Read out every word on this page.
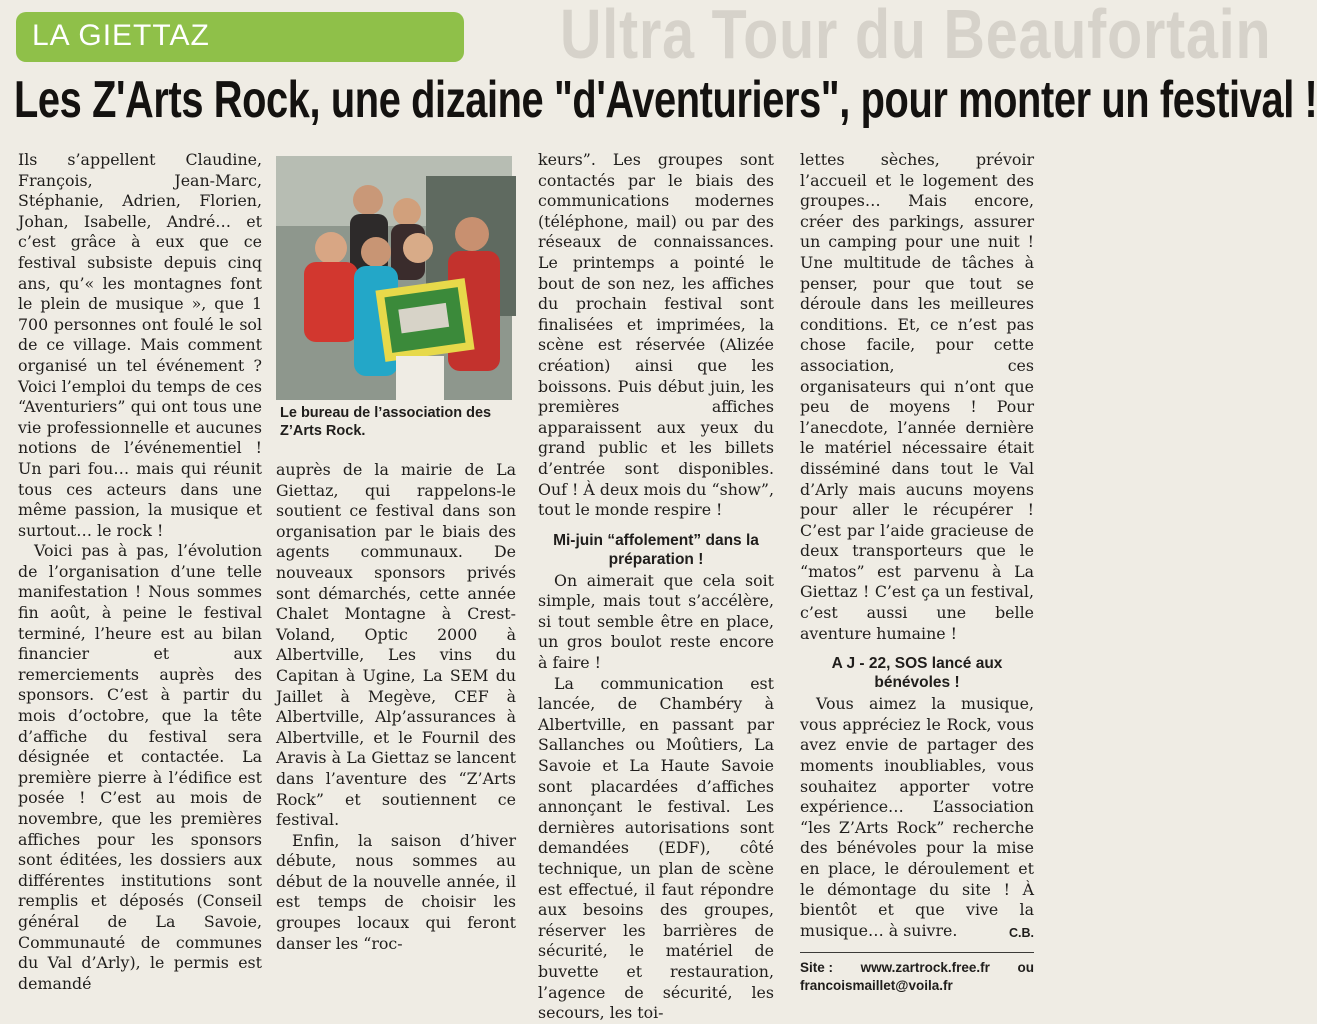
Ultra Tour du Beaufortain
LA GIETTAZ
Les Z'Arts Rock, une dizaine "d'Aventuriers", pour monter un festival !

Ils s’appellent Claudine, François, Jean-Marc, Stéphanie, Adrien, Florien, Johan, Isabelle, André… et c’est grâce à eux que ce festival subsiste depuis cinq ans, qu’« les montagnes font le plein de musique », que 1 700 personnes ont foulé le sol de ce village. Mais comment organisé un tel événement ? Voici l’emploi du temps de ces “Aventuriers” qui ont tous une vie professionnelle et aucunes notions de l’événementiel ! Un pari fou… mais qui réunit tous ces acteurs dans une même passion, la musique et surtout… le rock !

Voici pas à pas, l’évolution de l’organisation d’une telle manifestation ! Nous sommes fin août, à peine le festival terminé, l’heure est au bilan financier et aux remerciements auprès des sponsors. C’est à partir du mois d’octobre, que la tête d’affiche du festival sera désignée et contactée. La première pierre à l’édifice est posée ! C’est au mois de novembre, que les premières affiches pour les sponsors sont éditées, les dossiers aux différentes institutions sont remplis et déposés (Conseil général de La Savoie, Communauté de communes du Val d’Arly), le permis est demandé

Le bureau de l’association des Z’Arts Rock.

auprès de la mairie de La Giettaz, qui rappelons-le soutient ce festival dans son organisation par le biais des agents communaux. De nouveaux sponsors privés sont démarchés, cette année Chalet Montagne à Crest-Voland, Optic 2000 à Albertville, Les vins du Capitan à Ugine, La SEM du Jaillet à Megève, CEF à Albertville, Alp’assurances à Albertville, et le Fournil des Aravis à La Giettaz se lancent dans l’aventure des “Z’Arts Rock” et soutiennent ce festival.

Enfin, la saison d’hiver débute, nous sommes au début de la nouvelle année, il est temps de choisir les groupes locaux qui feront danser les “roc-

keurs”. Les groupes sont contactés par le biais des communications modernes (téléphone, mail) ou par des réseaux de connaissances. Le printemps a pointé le bout de son nez, les affiches du prochain festival sont finalisées et imprimées, la scène est réservée (Alizée création) ainsi que les boissons. Puis début juin, les premières affiches apparaissent aux yeux du grand public et les billets d’entrée sont disponibles. Ouf ! À deux mois du “show”, tout le monde respire !

Mi-juin “affolement” dans la préparation !

On aimerait que cela soit simple, mais tout s’accélère, si tout semble être en place, un gros boulot reste encore à faire !

La communication est lancée, de Chambéry à Albertville, en passant par Sallanches ou Moûtiers, La Savoie et La Haute Savoie sont placardées d’affiches annonçant le festival. Les dernières autorisations sont demandées (EDF), côté technique, un plan de scène est effectué, il faut répondre aux besoins des groupes, réserver les barrières de sécurité, le matériel de buvette et restauration, l’agence de sécurité, les secours, les toi-

lettes sèches, prévoir l’accueil et le logement des groupes… Mais encore, créer des parkings, assurer un camping pour une nuit ! Une multitude de tâches à penser, pour que tout se déroule dans les meilleures conditions. Et, ce n’est pas chose facile, pour cette association, ces organisateurs qui n’ont que peu de moyens ! Pour l’anecdote, l’année dernière le matériel nécessaire était disséminé dans tout le Val d’Arly mais aucuns moyens pour aller le récupérer ! C’est par l’aide gracieuse de deux transporteurs que le “matos” est parvenu à La Giettaz ! C’est ça un festival, c’est aussi une belle aventure humaine !

A J - 22, SOS lancé aux bénévoles !

Vous aimez la musique, vous appréciez le Rock, vous avez envie de partager des moments inoubliables, vous souhaitez apporter votre expérience… L’association “les Z’Arts Rock” recherche des bénévoles pour la mise en place, le déroulement et le démontage du site ! À bientôt et que vive la musique… à suivre.	C.B.
Site : www.zartrock.free.fr ou
francoismaillet@voila.fr
